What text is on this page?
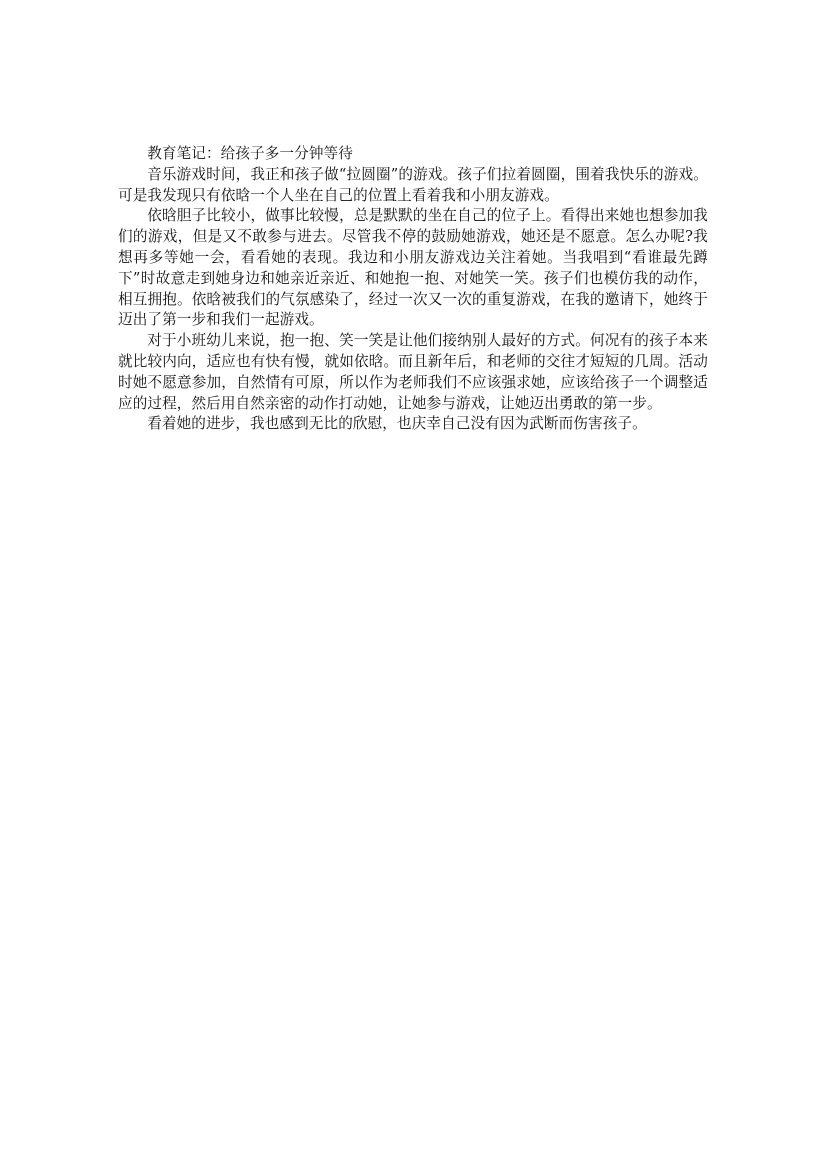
教育笔记：给孩子多一分钟等待

音乐游戏时间，我正和孩子做“拉圆圈”的游戏。孩子们拉着圆圈，围着我快乐的游戏。可是我发现只有依晗一个人坐在自己的位置上看着我和小朋友游戏。

依晗胆子比较小，做事比较慢，总是默默的坐在自己的位子上。看得出来她也想参加我们的游戏，但是又不敢参与进去。尽管我不停的鼓励她游戏，她还是不愿意。怎么办呢?我想再多等她一会，看看她的表现。我边和小朋友游戏边关注着她。当我唱到“看谁最先蹲下”时故意走到她身边和她亲近亲近、和她抱一抱、对她笑一笑。孩子们也模仿我的动作，相互拥抱。依晗被我们的气氛感染了，经过一次又一次的重复游戏，在我的邀请下，她终于迈出了第一步和我们一起游戏。

对于小班幼儿来说，抱一抱、笑一笑是让他们接纳别人最好的方式。何况有的孩子本来就比较内向，适应也有快有慢，就如依晗。而且新年后，和老师的交往才短短的几周。活动时她不愿意参加，自然情有可原，所以作为老师我们不应该强求她，应该给孩子一个调整适应的过程，然后用自然亲密的动作打动她，让她参与游戏，让她迈出勇敢的第一步。

看着她的进步，我也感到无比的欣慰，也庆幸自己没有因为武断而伤害孩子。
